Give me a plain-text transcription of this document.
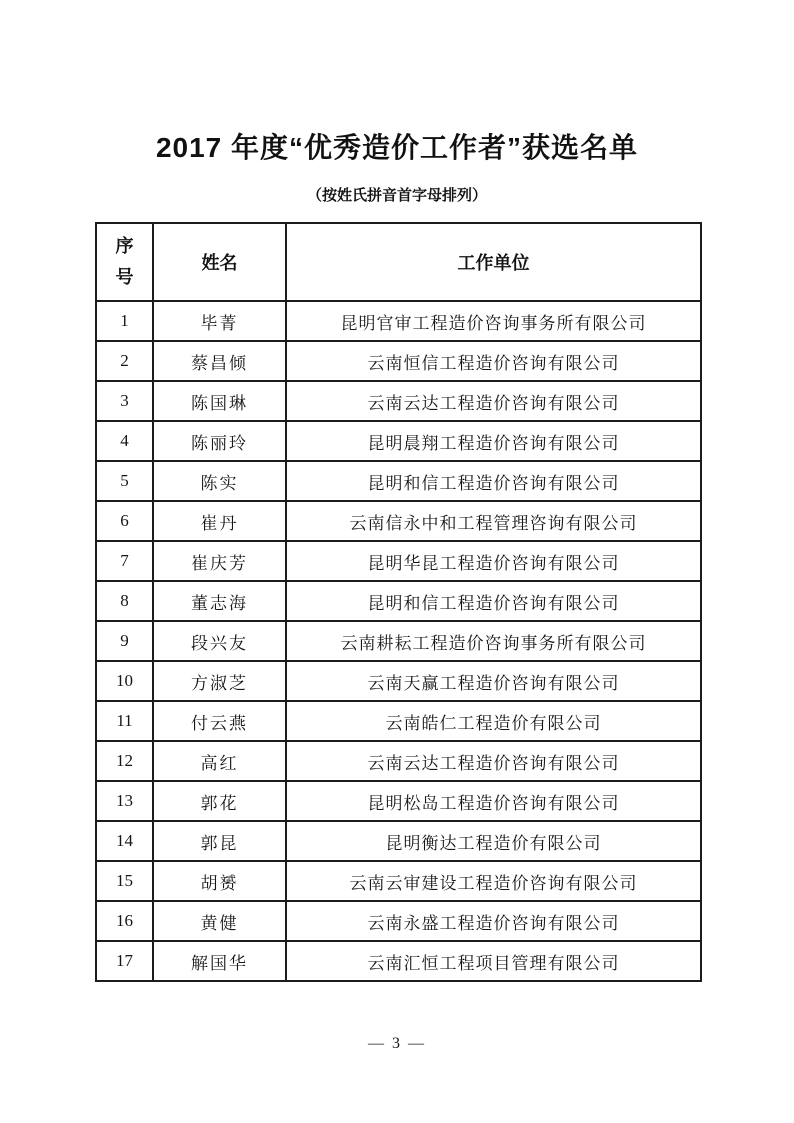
2017 年度“优秀造价工作者”获选名单
（按姓氏拼音首字母排列）
序号	姓名	工作单位
1	毕菁	昆明官审工程造价咨询事务所有限公司
2	蔡昌倾	云南恒信工程造价咨询有限公司
3	陈国琳	云南云达工程造价咨询有限公司
4	陈丽玲	昆明晨翔工程造价咨询有限公司
5	陈实	昆明和信工程造价咨询有限公司
6	崔丹	云南信永中和工程管理咨询有限公司
7	崔庆芳	昆明华昆工程造价咨询有限公司
8	董志海	昆明和信工程造价咨询有限公司
9	段兴友	云南耕耘工程造价咨询事务所有限公司
10	方淑芝	云南天赢工程造价咨询有限公司
11	付云燕	云南皓仁工程造价有限公司
12	高红	云南云达工程造价咨询有限公司
13	郭花	昆明松岛工程造价咨询有限公司
14	郭昆	昆明衡达工程造价有限公司
15	胡赟	云南云审建设工程造价咨询有限公司
16	黄健	云南永盛工程造价咨询有限公司
17	解国华	云南汇恒工程项目管理有限公司
— 3 —
